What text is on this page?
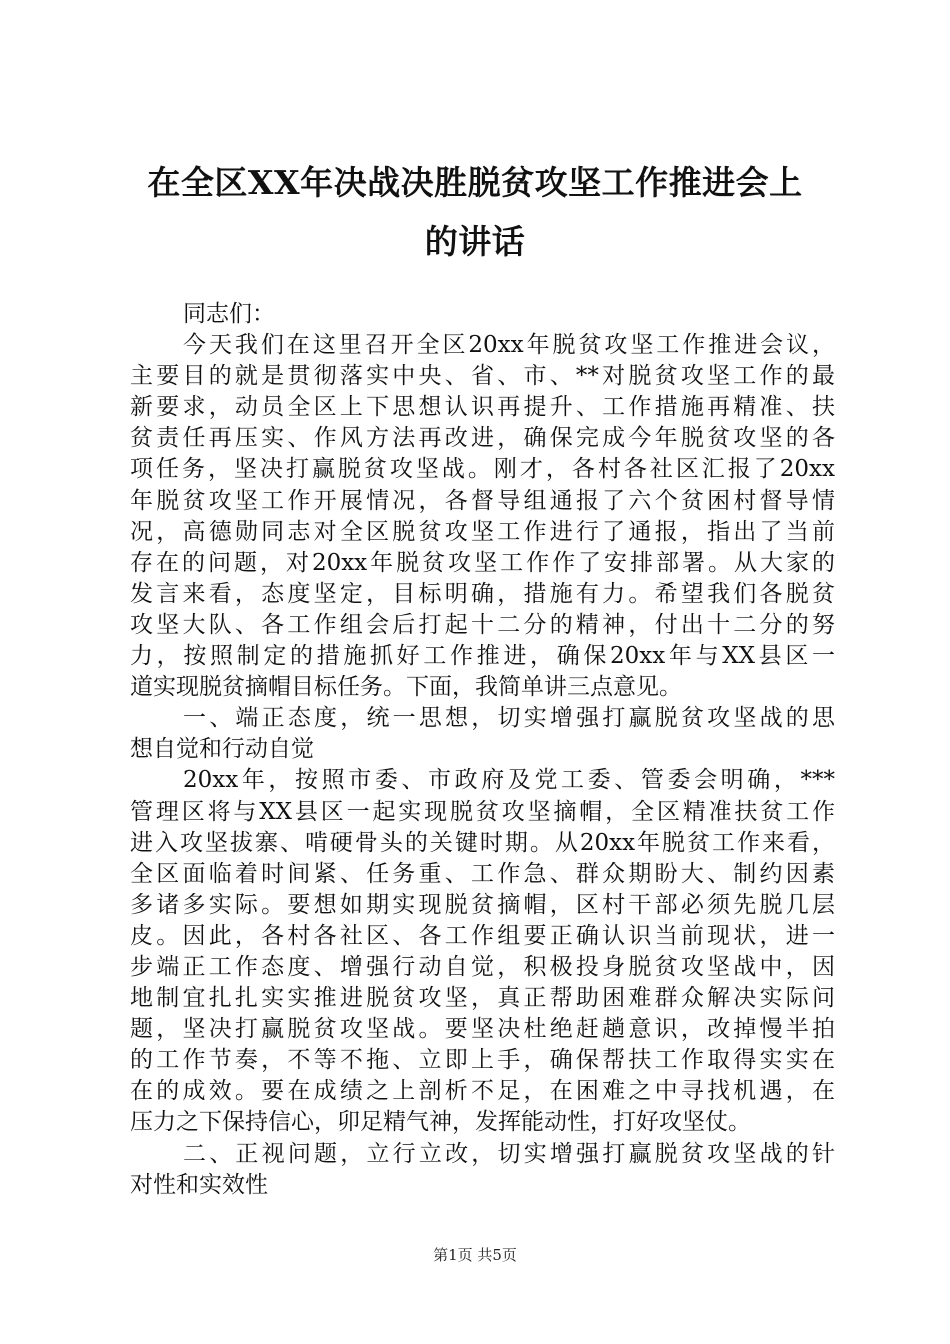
在全区XX年决战决胜脱贫攻坚工作推进会上
的讲话
同志们：
今天我们在这里召开全区20xx年脱贫攻坚工作推进会议，
主要目的就是贯彻落实中央、省、市、**对脱贫攻坚工作的最
新要求，动员全区上下思想认识再提升、工作措施再精准、扶
贫责任再压实、作风方法再改进，确保完成今年脱贫攻坚的各
项任务，坚决打赢脱贫攻坚战。刚才，各村各社区汇报了20xx
年脱贫攻坚工作开展情况，各督导组通报了六个贫困村督导情
况，高德勋同志对全区脱贫攻坚工作进行了通报，指出了当前
存在的问题，对20xx年脱贫攻坚工作作了安排部署。从大家的
发言来看，态度坚定，目标明确，措施有力。希望我们各脱贫
攻坚大队、各工作组会后打起十二分的精神，付出十二分的努
力，按照制定的措施抓好工作推进，确保20xx年与XX县区一
道实现脱贫摘帽目标任务。下面，我简单讲三点意见。
一、端正态度，统一思想，切实增强打赢脱贫攻坚战的思
想自觉和行动自觉
20xx年，按照市委、市政府及党工委、管委会明确，***
管理区将与XX县区一起实现脱贫攻坚摘帽，全区精准扶贫工作
进入攻坚拔寨、啃硬骨头的关键时期。从20xx年脱贫工作来看，
全区面临着时间紧、任务重、工作急、群众期盼大、制约因素
多诸多实际。要想如期实现脱贫摘帽，区村干部必须先脱几层
皮。因此，各村各社区、各工作组要正确认识当前现状，进一
步端正工作态度、增强行动自觉，积极投身脱贫攻坚战中，因
地制宜扎扎实实推进脱贫攻坚，真正帮助困难群众解决实际问
题，坚决打赢脱贫攻坚战。要坚决杜绝赶趟意识，改掉慢半拍
的工作节奏，不等不拖、立即上手，确保帮扶工作取得实实在
在的成效。要在成绩之上剖析不足，在困难之中寻找机遇，在
压力之下保持信心，卯足精气神，发挥能动性，打好攻坚仗。
二、正视问题，立行立改，切实增强打赢脱贫攻坚战的针
对性和实效性
第1页 共5页
